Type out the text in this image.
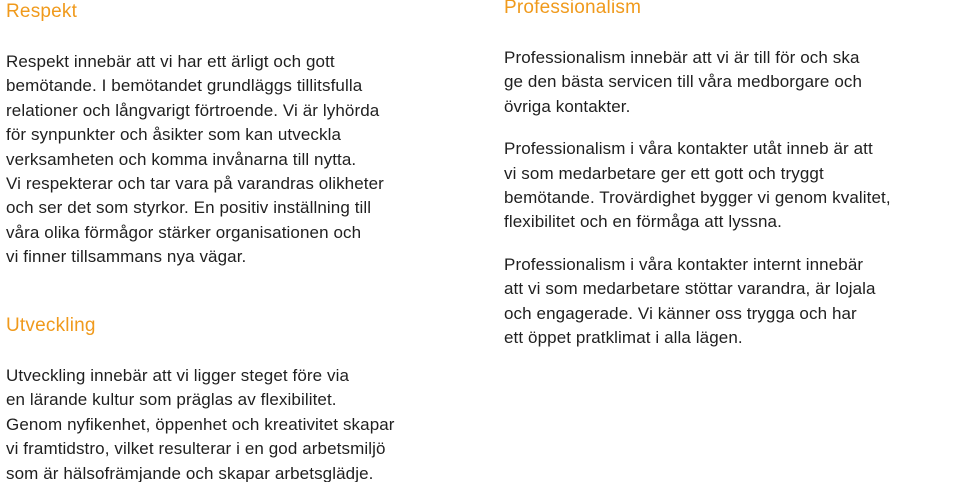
Respekt

Respekt innebär att vi har ett ärligt och gott
bemötande. I bemötandet grundläggs tillitsfulla
relationer och långvarigt förtroende. Vi är lyhörda
för synpunkter och åsikter som kan utveckla
verksamheten och komma invånarna till nytta.
Vi respekterar och tar vara på varandras olikheter
och ser det som styrkor. En positiv inställning till
våra olika förmågor stärker organisationen och
vi finner tillsammans nya vägar.

Utveckling

Utveckling innebär att vi ligger steget före via
en lärande kultur som präglas av flexibilitet.
Genom nyfikenhet, öppenhet och kreativitet skapar
vi framtidstro, vilket resulterar i en god arbetsmiljö
som är hälsofrämjande och skapar arbetsglädje.

Professionalism

Professionalism innebär att vi är till för och ska
ge den bästa servicen till våra medborgare och
övriga kontakter.

Professionalism i våra kontakter utåt inneb är att
vi som medarbetare ger ett gott och tryggt
bemötande. Trovärdighet bygger vi genom kvalitet,
flexibilitet och en förmåga att lyssna.

Professionalism i våra kontakter internt innebär
att vi som medarbetare stöttar varandra, är lojala
och engagerade. Vi känner oss trygga och har
ett öppet pratklimat i alla lägen.
